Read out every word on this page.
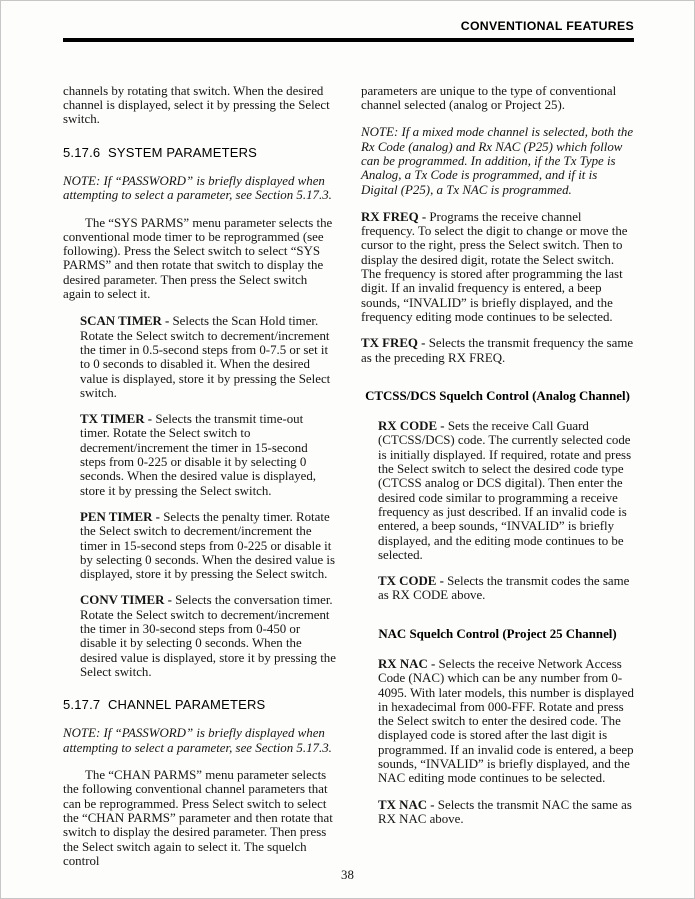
CONVENTIONAL FEATURES

channels by rotating that switch. When the desired channel is displayed, select it by pressing the Select switch.

5.17.6  SYSTEM PARAMETERS

NOTE: If “PASSWORD” is briefly displayed when attempting to select a parameter, see Section 5.17.3.

The “SYS PARMS” menu parameter selects the conventional mode timer to be reprogrammed (see following). Press the Select switch to select “SYS PARMS” and then rotate that switch to display the desired parameter. Then press the Select switch again to select it.

SCAN TIMER - Selects the Scan Hold timer. Rotate the Select switch to decrement/increment the timer in 0.5-second steps from 0-7.5 or set it to 0 seconds to disabled it. When the desired value is displayed, store it by pressing the Select switch.

TX TIMER - Selects the transmit time-out timer. Rotate the Select switch to decrement/increment the timer in 15-second steps from 0-225 or disable it by selecting 0 seconds. When the desired value is displayed, store it by pressing the Select switch.

PEN TIMER - Selects the penalty timer. Rotate the Select switch to decrement/increment the timer in 15-second steps from 0-225 or disable it by selecting 0 seconds. When the desired value is displayed, store it by pressing the Select switch.

CONV TIMER - Selects the conversation timer. Rotate the Select switch to decrement/increment the timer in 30-second steps from 0-450 or disable it by selecting 0 seconds. When the desired value is displayed, store it by pressing the Select switch.

5.17.7  CHANNEL PARAMETERS

NOTE: If “PASSWORD” is briefly displayed when attempting to select a parameter, see Section 5.17.3.

The “CHAN PARMS” menu parameter selects the following conventional channel parameters that can be reprogrammed. Press Select switch to select the “CHAN PARMS” parameter and then rotate that switch to display the desired parameter. Then press the Select switch again to select it. The squelch control

parameters are unique to the type of conventional channel selected (analog or Project 25).

NOTE: If a mixed mode channel is selected, both the Rx Code (analog) and Rx NAC (P25) which follow can be programmed. In addition, if the Tx Type is Analog, a Tx Code is programmed, and if it is Digital (P25), a Tx NAC is programmed.

RX FREQ - Programs the receive channel frequency. To select the digit to change or move the cursor to the right, press the Select switch. Then to display the desired digit, rotate the Select switch. The frequency is stored after programming the last digit. If an invalid frequency is entered, a beep sounds, “INVALID” is briefly displayed, and the frequency editing mode continues to be selected.

TX FREQ - Selects the transmit frequency the same as the preceding RX FREQ.

CTCSS/DCS Squelch Control (Analog Channel)

RX CODE - Sets the receive Call Guard (CTCSS/DCS) code. The currently selected code is initially displayed. If required, rotate and press the Select switch to select the desired code type (CTCSS analog or DCS digital). Then enter the desired code similar to programming a receive frequency as just described. If an invalid code is entered, a beep sounds, “INVALID” is briefly displayed, and the editing mode continues to be selected.

TX CODE - Selects the transmit codes the same as RX CODE above.

NAC Squelch Control (Project 25 Channel)

RX NAC - Selects the receive Network Access Code (NAC) which can be any number from 0-4095. With later models, this number is displayed in hexadecimal from 000-FFF. Rotate and press the Select switch to enter the desired code. The displayed code is stored after the last digit is programmed. If an invalid code is entered, a beep sounds, “INVALID” is briefly displayed, and the NAC editing mode continues to be selected.

TX NAC - Selects the transmit NAC the same as RX NAC above.

38
